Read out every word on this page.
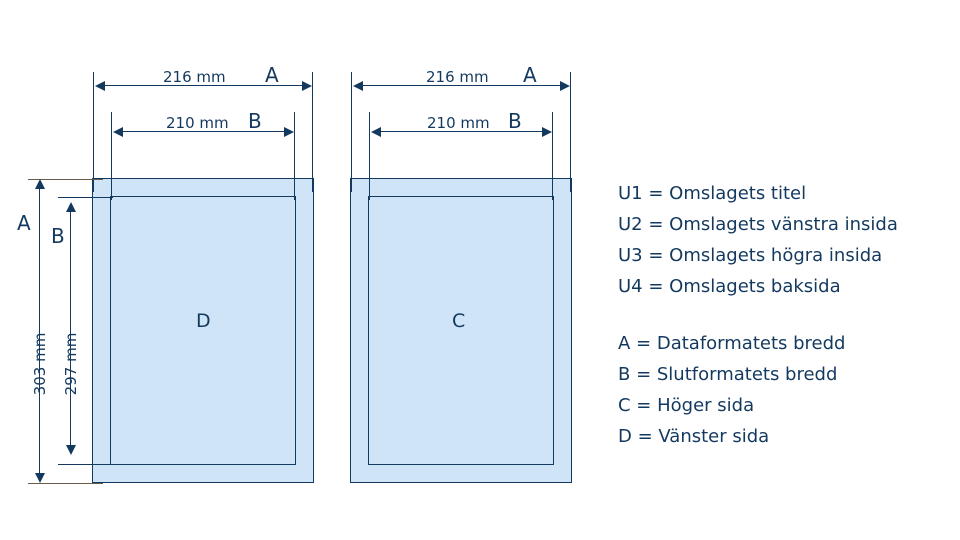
D
216 mm A
210 mm B
303 mm
A
297 mm
B
C
216 mm A
210 mm B
U1 = Omslagets titel
U2 = Omslagets vänstra insida
U3 = Omslagets högra insida
U4 = Omslagets baksida
A = Dataformatets bredd
B = Slutformatets bredd
C = Höger sida
D = Vänster sida
